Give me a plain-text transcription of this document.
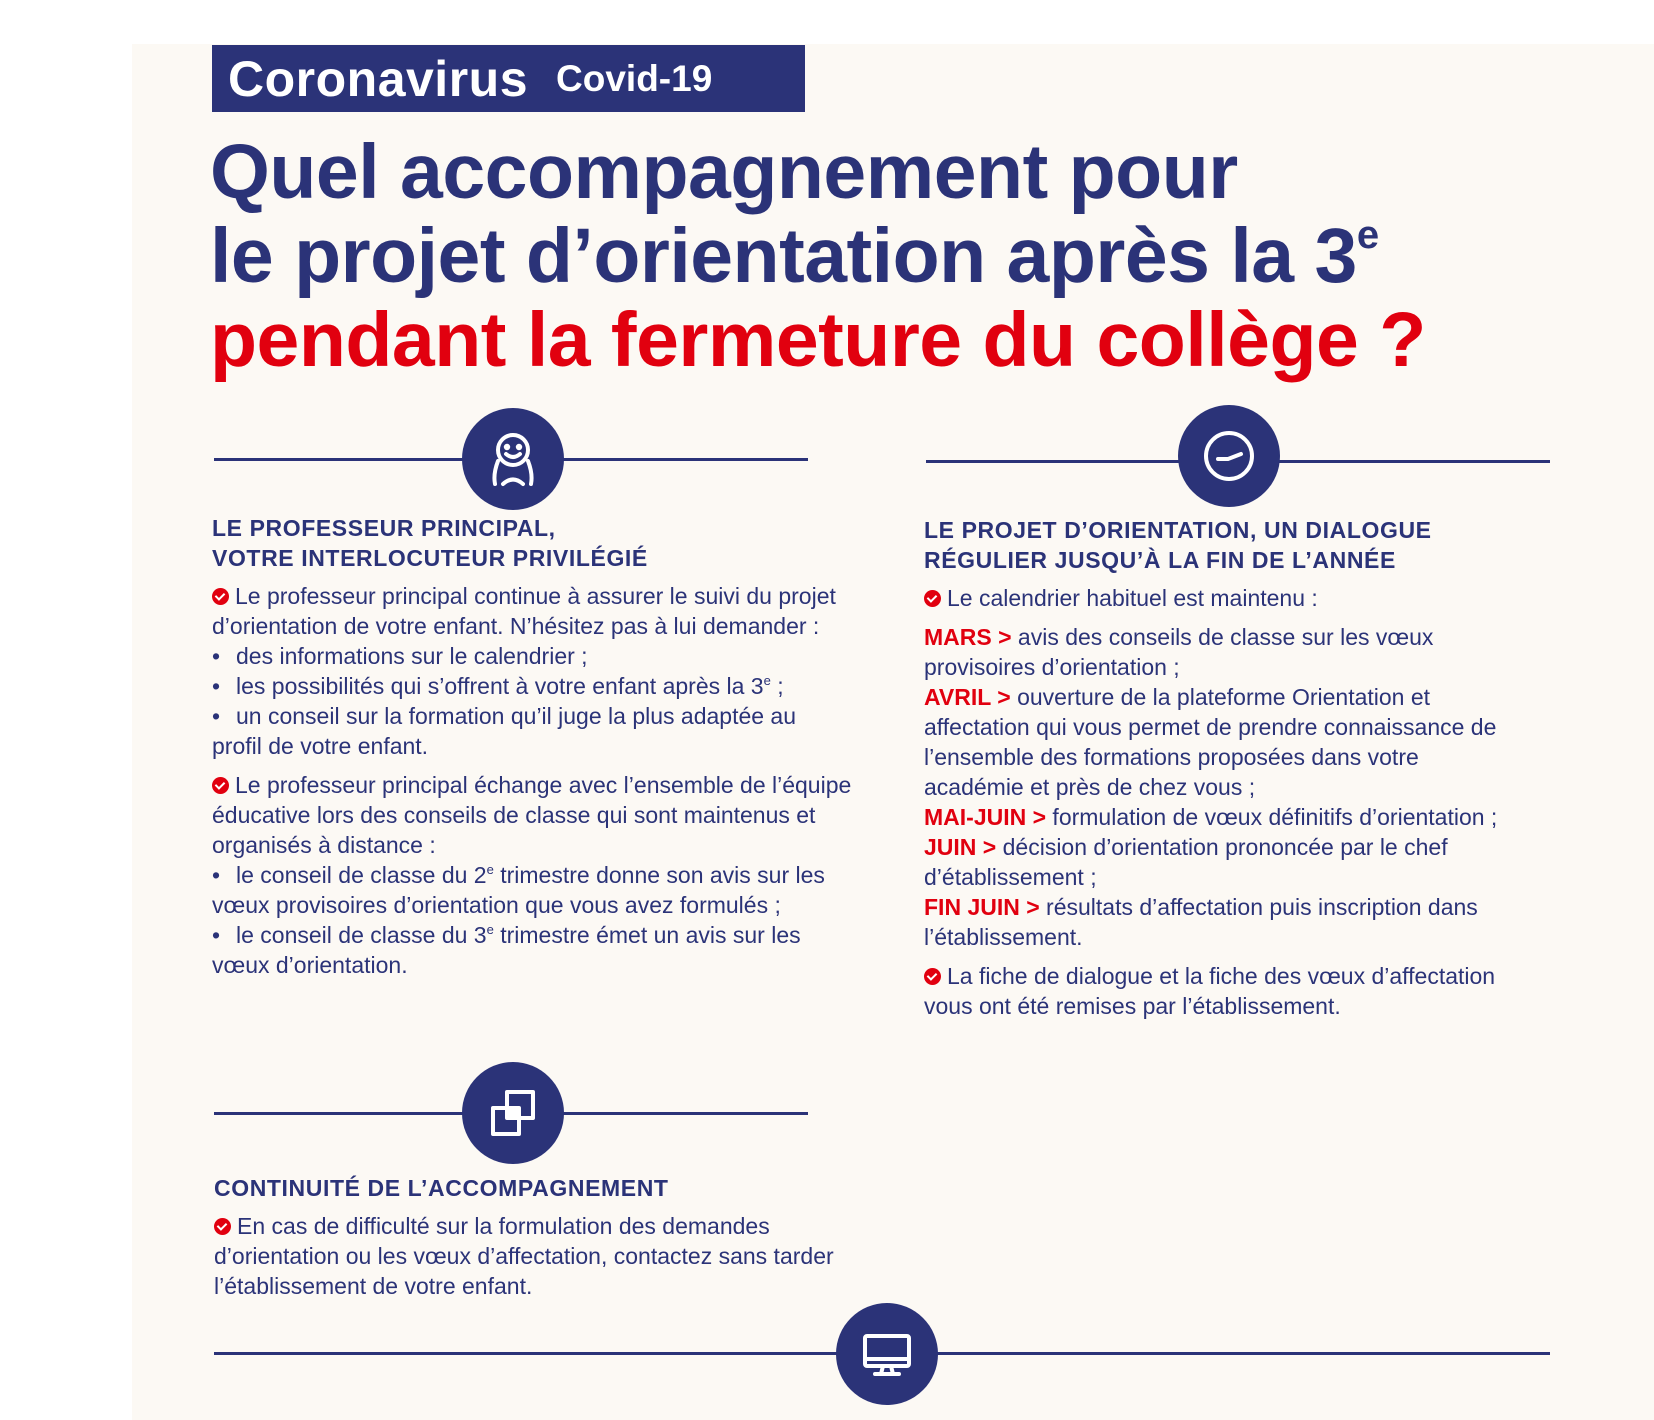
Coronavirus Covid-19
Quel accompagnement pour
le projet d’orientation après la 3e
pendant la fermeture du collège ?
LE PROFESSEUR PRINCIPAL,
VOTRE INTERLOCUTEUR PRIVILÉGIÉ

Le professeur principal continue à assurer le suivi du projet d’orientation de votre enfant. N’hésitez pas à lui demander :

• des informations sur le calendrier ;

• les possibilités qui s’offrent à votre enfant après la 3e ;

• un conseil sur la formation qu’il juge la plus adaptée au profil de votre enfant.

Le professeur principal échange avec l’ensemble de l’équipe éducative lors des conseils de classe qui sont maintenus et organisés à distance :

• le conseil de classe du 2e trimestre donne son avis sur les vœux provisoires d’orientation que vous avez formulés ;

• le conseil de classe du 3e trimestre émet un avis sur les vœux d’orientation.

LE PROJET D’ORIENTATION, UN DIALOGUE
RÉGULIER JUSQU’À LA FIN DE L’ANNÉE

Le calendrier habituel est maintenu :

MARS > avis des conseils de classe sur les vœux provisoires d’orientation ;

AVRIL > ouverture de la plateforme Orientation et affectation qui vous permet de prendre connaissance de l’ensemble des formations proposées dans votre académie et près de chez vous ;

MAI-JUIN > formulation de vœux définitifs d’orientation ;

JUIN > décision d’orientation prononcée par le chef d’établissement ;

FIN JUIN > résultats d’affectation puis inscription dans l’établissement.

La fiche de dialogue et la fiche des vœux d’affectation vous ont été remises par l’établissement.

CONTINUITÉ DE L’ACCOMPAGNEMENT

En cas de difficulté sur la formulation des demandes d’orientation ou les vœux d’affectation, contactez sans tarder l’établissement de votre enfant.
